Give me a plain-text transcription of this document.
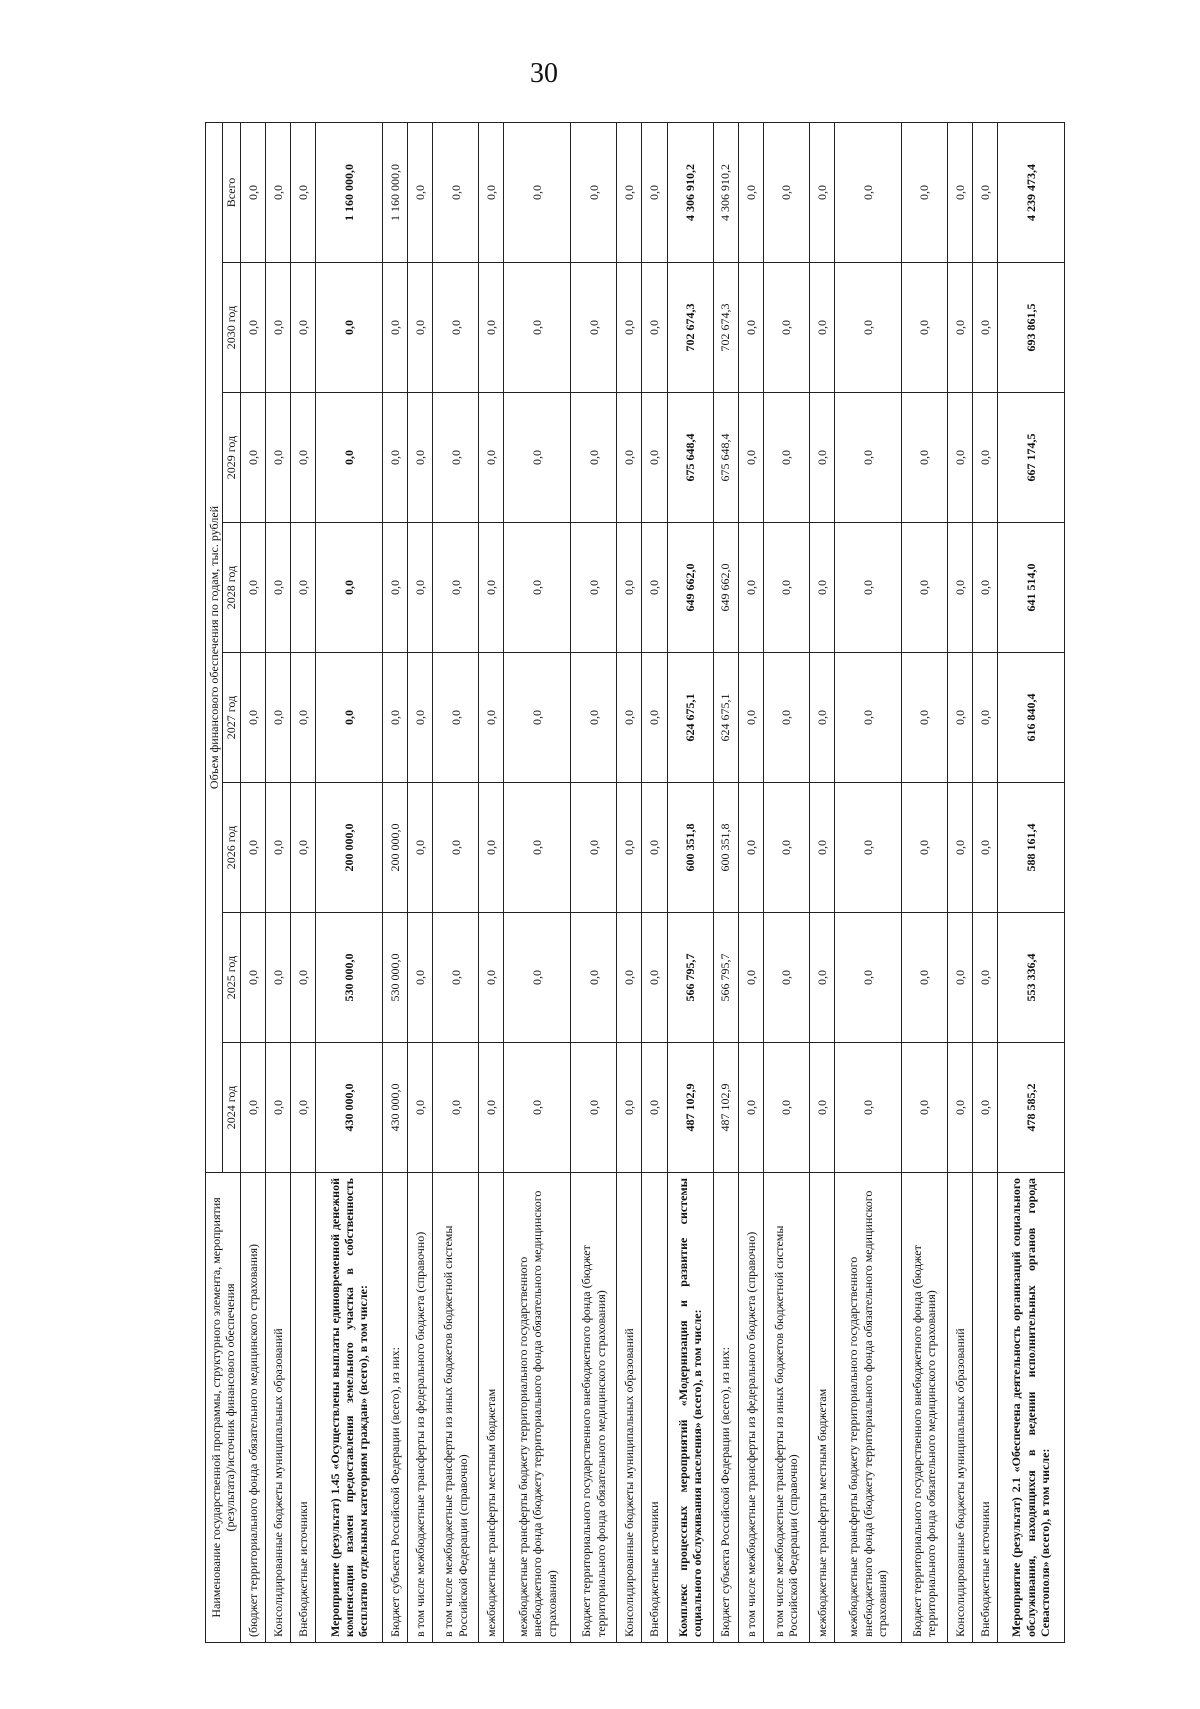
30
Наименование государственной программы, структурного элемента, мероприятия (результата)/источник финансового обеспечения	Объем финансового обеспечения по годам, тыс. рублей							
	2024 год	2025 год	2026 год	2027 год	2028 год	2029 год	2030 год	Всего
(бюджет территориального фонда обязательного медицинского страхования)	0,0	0,0	0,0	0,0	0,0	0,0	0,0	0,0
Консолидированные бюджеты муниципальных образований	0,0	0,0	0,0	0,0	0,0	0,0	0,0	0,0
Внебюджетные источники	0,0	0,0	0,0	0,0	0,0	0,0	0,0	0,0
Мероприятие (результат) 1.45 «Осуществлены выплаты единовременной денежной компенсации взамен предоставления земельного участка в собственность бесплатно отдельным категориям граждан» (всего), в том числе:	430 000,0	530 000,0	200 000,0	0,0	0,0	0,0	0,0	1 160 000,0
Бюджет субъекта Российской Федерации (всего), из них:	430 000,0	530 000,0	200 000,0	0,0	0,0	0,0	0,0	1 160 000,0
в том числе межбюджетные трансферты из федерального бюджета (справочно)	0,0	0,0	0,0	0,0	0,0	0,0	0,0	0,0
в том числе межбюджетные трансферты из иных бюджетов бюджетной системы Российской Федерации (справочно)	0,0	0,0	0,0	0,0	0,0	0,0	0,0	0,0
межбюджетные трансферты местным бюджетам	0,0	0,0	0,0	0,0	0,0	0,0	0,0	0,0
межбюджетные трансферты бюджету территориального государственного внебюджетного фонда (бюджету территориального фонда обязательного медицинского страхования)	0,0	0,0	0,0	0,0	0,0	0,0	0,0	0,0
Бюджет территориального государственного внебюджетного фонда (бюджет территориального фонда обязательного медицинского страхования)	0,0	0,0	0,0	0,0	0,0	0,0	0,0	0,0
Консолидированные бюджеты муниципальных образований	0,0	0,0	0,0	0,0	0,0	0,0	0,0	0,0
Внебюджетные источники	0,0	0,0	0,0	0,0	0,0	0,0	0,0	0,0
Комплекс процессных мероприятий «Модернизация и развитие системы социального обслуживания населения» (всего), в том числе:	487 102,9	566 795,7	600 351,8	624 675,1	649 662,0	675 648,4	702 674,3	4 306 910,2
Бюджет субъекта Российской Федерации (всего), из них:	487 102,9	566 795,7	600 351,8	624 675,1	649 662,0	675 648,4	702 674,3	4 306 910,2
в том числе межбюджетные трансферты из федерального бюджета (справочно)	0,0	0,0	0,0	0,0	0,0	0,0	0,0	0,0
в том числе межбюджетные трансферты из иных бюджетов бюджетной системы Российской Федерации (справочно)	0,0	0,0	0,0	0,0	0,0	0,0	0,0	0,0
межбюджетные трансферты местным бюджетам	0,0	0,0	0,0	0,0	0,0	0,0	0,0	0,0
межбюджетные трансферты бюджету территориального государственного внебюджетного фонда (бюджету территориального фонда обязательного медицинского страхования)	0,0	0,0	0,0	0,0	0,0	0,0	0,0	0,0
Бюджет территориального государственного внебюджетного фонда (бюджет территориального фонда обязательного медицинского страхования)	0,0	0,0	0,0	0,0	0,0	0,0	0,0	0,0
Консолидированные бюджеты муниципальных образований	0,0	0,0	0,0	0,0	0,0	0,0	0,0	0,0
Внебюджетные источники	0,0	0,0	0,0	0,0	0,0	0,0	0,0	0,0
Мероприятие (результат) 2.1 «Обеспечена деятельность организаций социального обслуживания, находящихся в ведении исполнительных органов города Севастополя» (всего), в том числе:	478 585,2	553 336,4	588 161,4	616 840,4	641 514,0	667 174,5	693 861,5	4 239 473,4
